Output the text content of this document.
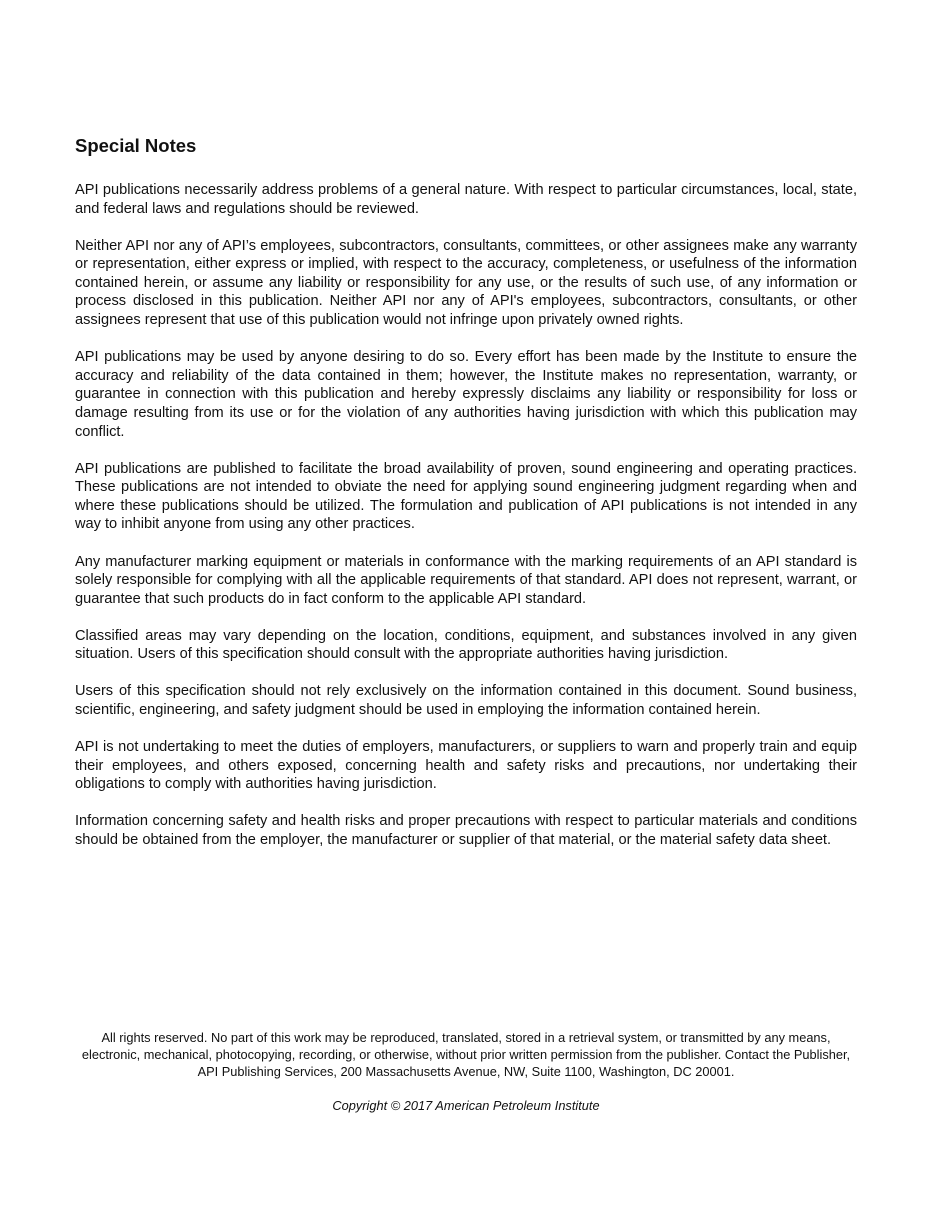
Special Notes

API publications necessarily address problems of a general nature. With respect to particular circumstances, local, state, and federal laws and regulations should be reviewed.

Neither API nor any of API’s employees, subcontractors, consultants, committees, or other assignees make any warranty or representation, either express or implied, with respect to the accuracy, completeness, or usefulness of the information contained herein, or assume any liability or responsibility for any use, or the results of such use, of any information or process disclosed in this publication. Neither API nor any of API's employees, subcontractors, consultants, or other assignees represent that use of this publication would not infringe upon privately owned rights.

API publications may be used by anyone desiring to do so. Every effort has been made by the Institute to ensure the accuracy and reliability of the data contained in them; however, the Institute makes no representation, warranty, or guarantee in connection with this publication and hereby expressly disclaims any liability or responsibility for loss or damage resulting from its use or for the violation of any authorities having jurisdiction with which this publication may conflict.

API publications are published to facilitate the broad availability of proven, sound engineering and operating practices. These publications are not intended to obviate the need for applying sound engineering judgment regarding when and where these publications should be utilized. The formulation and publication of API publications is not intended in any way to inhibit anyone from using any other practices.

Any manufacturer marking equipment or materials in conformance with the marking requirements of an API standard is solely responsible for complying with all the applicable requirements of that standard. API does not represent, warrant, or guarantee that such products do in fact conform to the applicable API standard.

Classified areas may vary depending on the location, conditions, equipment, and substances involved in any given situation. Users of this specification should consult with the appropriate authorities having jurisdiction.

Users of this specification should not rely exclusively on the information contained in this document. Sound business, scientific, engineering, and safety judgment should be used in employing the information contained herein.

API is not undertaking to meet the duties of employers, manufacturers, or suppliers to warn and properly train and equip their employees, and others exposed, concerning health and safety risks and precautions, nor undertaking their obligations to comply with authorities having jurisdiction.

Information concerning safety and health risks and proper precautions with respect to particular materials and conditions should be obtained from the employer, the manufacturer or supplier of that material, or the material safety data sheet.

All rights reserved. No part of this work may be reproduced, translated, stored in a retrieval system, or transmitted by any means, electronic, mechanical, photocopying, recording, or otherwise, without prior written permission from the publisher. Contact the Publisher, API Publishing Services, 200 Massachusetts Avenue, NW, Suite 1100, Washington, DC 20001.

Copyright © 2017 American Petroleum Institute
